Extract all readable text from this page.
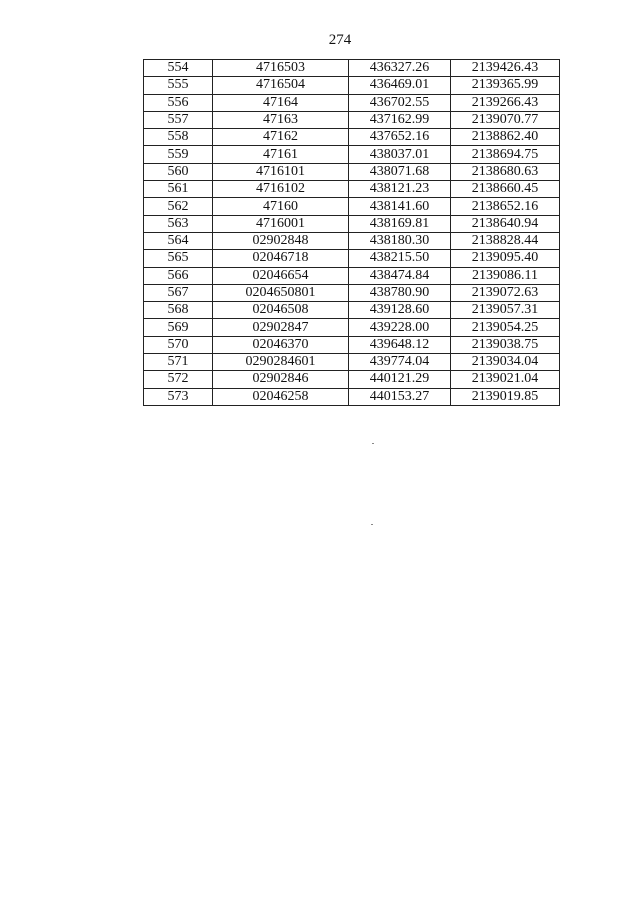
274
554	4716503	436327.26	2139426.43
555	4716504	436469.01	2139365.99
556	47164	436702.55	2139266.43
557	47163	437162.99	2139070.77
558	47162	437652.16	2138862.40
559	47161	438037.01	2138694.75
560	4716101	438071.68	2138680.63
561	4716102	438121.23	2138660.45
562	47160	438141.60	2138652.16
563	4716001	438169.81	2138640.94
564	02902848	438180.30	2138828.44
565	02046718	438215.50	2139095.40
566	02046654	438474.84	2139086.11
567	0204650801	438780.90	2139072.63
568	02046508	439128.60	2139057.31
569	02902847	439228.00	2139054.25
570	02046370	439648.12	2139038.75
571	0290284601	439774.04	2139034.04
572	02902846	440121.29	2139021.04
573	02046258	440153.27	2139019.85
